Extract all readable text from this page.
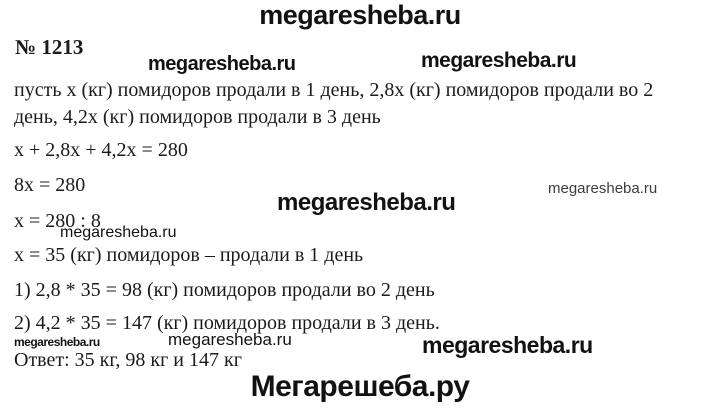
megaresheba.ru
№ 1213
megaresheba.ru	megaresheba.ru
пусть х (кг) помидоров продали в 1 день, 2,8х (кг) помидоров продали во 2
день, 4,2х (кг) помидоров продали в 3 день
х + 2,8х + 4,2х = 280
8х = 280
х = 280 : 8
х = 35 (кг) помидоров – продали в 1 день
1) 2,8 * 35 = 98 (кг) помидоров продали во 2 день
2) 4,2 * 35 = 147 (кг) помидоров продали в 3 день.
Ответ: 35 кг, 98 кг и 147 кг
megaresheba.ru
megaresheba.ru
megaresheba.ru
megaresheba.ru	megaresheba.ru	megaresheba.ru
Мегарешеба.ру
